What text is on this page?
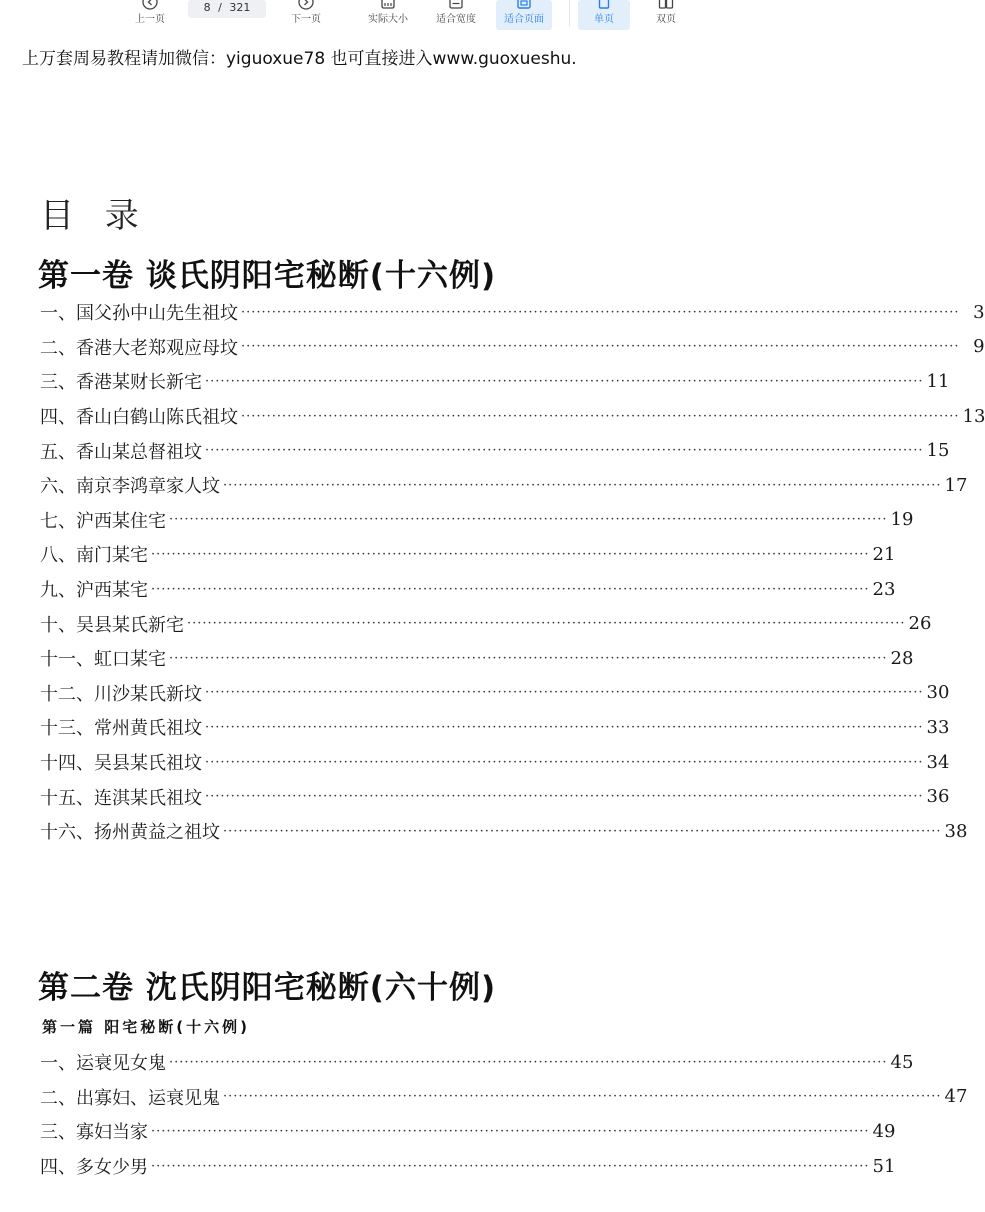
上一页
8 / 321
下一页	实际大小	适合宽度	适合页面	单页	双页
上万套周易教程请加微信：yiguoxue78 也可直接进入www.guoxueshu.
目 录
第一卷 谈氏阴阳宅秘断(十六例)
一、国父孙中山先生祖坟 ············································································································································ 3
二、香港大老郑观应母坟 ············································································································································ 9
三、香港某财长新宅 ············································································································································ 11
四、香山白鹤山陈氏祖坟 ············································································································································ 13
五、香山某总督祖坟 ············································································································································ 15
六、南京李鸿章家人坟 ············································································································································ 17
七、沪西某住宅 ············································································································································ 19
八、南门某宅 ············································································································································ 21
九、沪西某宅 ············································································································································ 23
十、吴县某氏新宅 ············································································································································ 26
十一、虹口某宅 ············································································································································ 28
十二、川沙某氏新坟 ············································································································································ 30
十三、常州黄氏祖坟 ············································································································································ 33
十四、吴县某氏祖坟 ············································································································································ 34
十五、连淇某氏祖坟 ············································································································································ 36
十六、扬州黄益之祖坟 ············································································································································ 38
第二卷 沈氏阴阳宅秘断(六十例)
第一篇 阳宅秘断(十六例)
一、运衰见女鬼 ············································································································································ 45
二、出寡妇、运衰见鬼 ············································································································································ 47
三、寡妇当家 ············································································································································ 49
四、多女少男 ············································································································································ 51
